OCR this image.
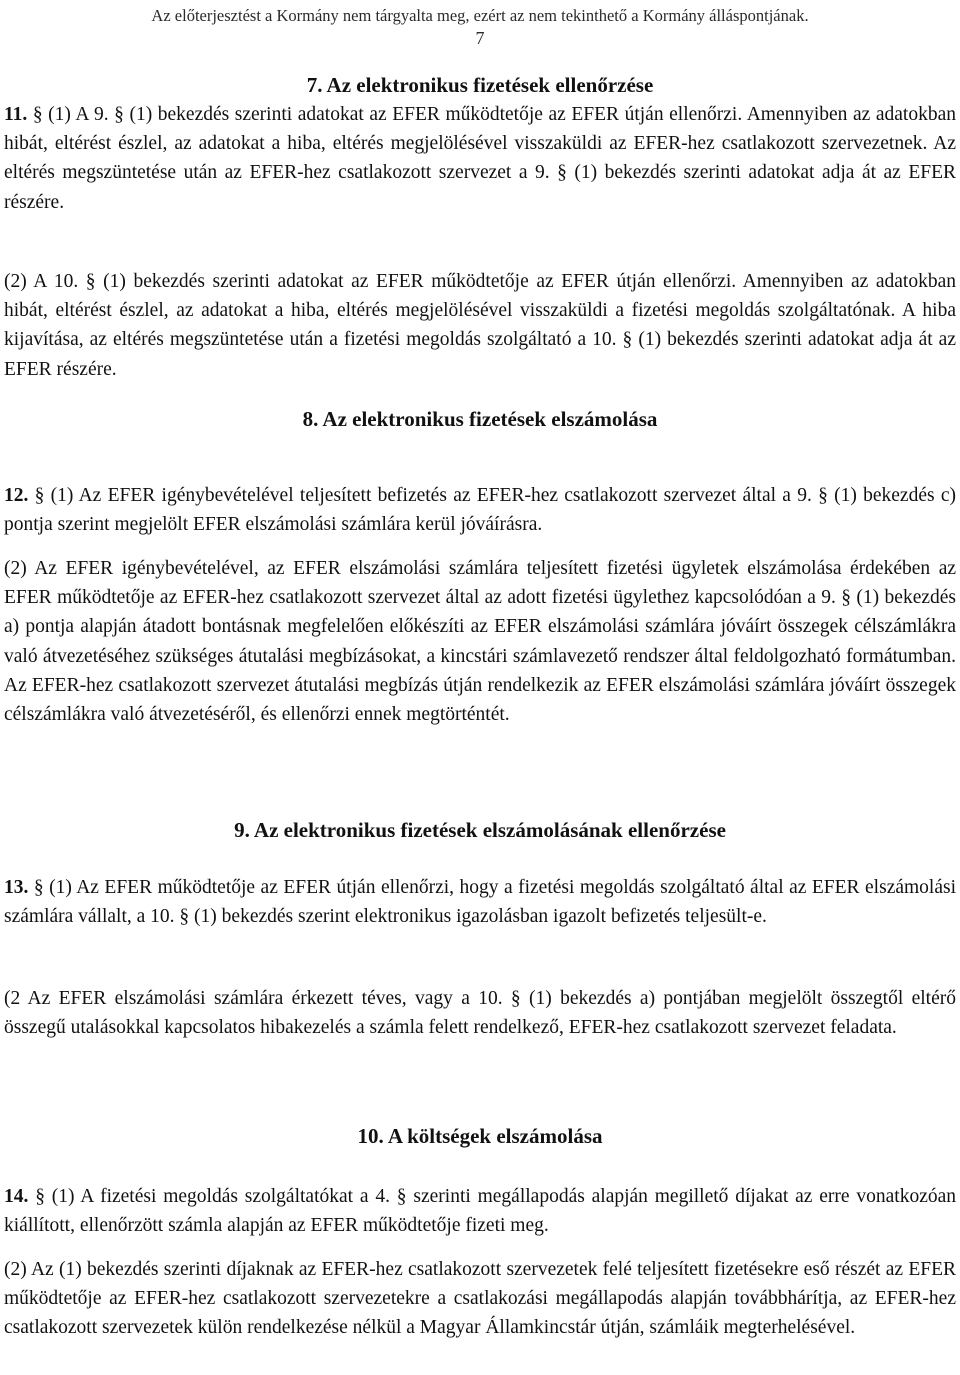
Az előterjesztést a Kormány nem tárgyalta meg, ezért az nem tekinthető a Kormány álláspontjának.
7
7. Az elektronikus fizetések ellenőrzése
11. § (1) A 9. § (1) bekezdés szerinti adatokat az EFER működtetője az EFER útján ellenőrzi. Amennyiben az adatokban hibát, eltérést észlel, az adatokat a hiba, eltérés megjelölésével visszaküldi az EFER-hez csatlakozott szervezetnek. Az eltérés megszüntetése után az EFER-hez csatlakozott szervezet a 9. § (1) bekezdés szerinti adatokat adja át az EFER részére.
(2) A 10. § (1) bekezdés szerinti adatokat az EFER működtetője az EFER útján ellenőrzi. Amennyiben az adatokban hibát, eltérést észlel, az adatokat a hiba, eltérés megjelölésével visszaküldi a fizetési megoldás szolgáltatónak. A hiba kijavítása, az eltérés megszüntetése után a fizetési megoldás szolgáltató a 10. § (1) bekezdés szerinti adatokat adja át az EFER részére.
8. Az elektronikus fizetések elszámolása
12. § (1) Az EFER igénybevételével teljesített befizetés az EFER-hez csatlakozott szervezet által a 9. § (1) bekezdés c) pontja szerint megjelölt EFER elszámolási számlára kerül jóváírásra.
(2) Az EFER igénybevételével, az EFER elszámolási számlára teljesített fizetési ügyletek elszámolása érdekében az EFER működtetője az EFER-hez csatlakozott szervezet által az adott fizetési ügylethez kapcsolódóan a 9. § (1) bekezdés a) pontja alapján átadott bontásnak megfelelően előkészíti az EFER elszámolási számlára jóváírt összegek célszámlákra való átvezetéséhez szükséges átutalási megbízásokat, a kincstári számlavezető rendszer által feldolgozható formátumban. Az EFER-hez csatlakozott szervezet átutalási megbízás útján rendelkezik az EFER elszámolási számlára jóváírt összegek célszámlákra való átvezetéséről, és ellenőrzi ennek megtörténtét.
9. Az elektronikus fizetések elszámolásának ellenőrzése
13. § (1) Az EFER működtetője az EFER útján ellenőrzi, hogy a fizetési megoldás szolgáltató által az EFER elszámolási számlára vállalt, a 10. § (1) bekezdés szerint elektronikus igazolásban igazolt befizetés teljesült-e.
(2 Az EFER elszámolási számlára érkezett téves, vagy a 10. § (1) bekezdés a) pontjában megjelölt összegtől eltérő összegű utalásokkal kapcsolatos hibakezelés a számla felett rendelkező, EFER-hez csatlakozott szervezet feladata.
10. A költségek elszámolása
14. § (1) A fizetési megoldás szolgáltatókat a 4. § szerinti megállapodás alapján megillető díjakat az erre vonatkozóan kiállított, ellenőrzött számla alapján az EFER működtetője fizeti meg.
(2) Az (1) bekezdés szerinti díjaknak az EFER-hez csatlakozott szervezetek felé teljesített fizetésekre eső részét az EFER működtetője az EFER-hez csatlakozott szervezetekre a csatlakozási megállapodás alapján továbbhárítja, az EFER-hez csatlakozott szervezetek külön rendelkezése nélkül a Magyar Államkincstár útján, számláik megterhelésével.
